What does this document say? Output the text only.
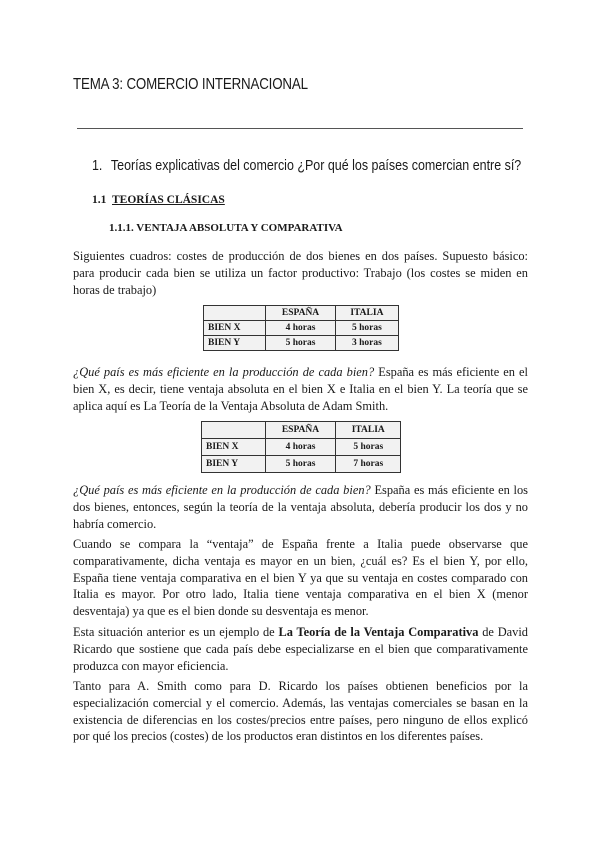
TEMA 3: COMERCIO INTERNACIONAL
1. Teorías explicativas del comercio ¿Por qué los países comercian entre sí?
1.1 TEORÍAS CLÁSICAS
1.1.1. VENTAJA ABSOLUTA Y COMPARATIVA
Siguientes cuadros: costes de producción de dos bienes en dos países. Supuesto básico: para producir cada bien se utiliza un factor productivo: Trabajo (los costes se miden en horas de trabajo)
	ESPAÑA	ITALIA
BIEN X	4 horas	5 horas
BIEN Y	5 horas	3 horas
¿Qué país es más eficiente en la producción de cada bien? España es más eficiente en el bien X, es decir, tiene ventaja absoluta en el bien X e Italia en el bien Y. La teoría que se aplica aquí es La Teoría de la Ventaja Absoluta de Adam Smith.
	ESPAÑA	ITALIA
BIEN X	4 horas	5 horas
BIEN Y	5 horas	7 horas
¿Qué país es más eficiente en la producción de cada bien? España es más eficiente en los dos bienes, entonces, según la teoría de la ventaja absoluta, debería producir los dos y no habría comercio.
Cuando se compara la “ventaja” de España frente a Italia puede observarse que comparativamente, dicha ventaja es mayor en un bien, ¿cuál es? Es el bien Y, por ello, España tiene ventaja comparativa en el bien Y ya que su ventaja en costes comparado con Italia es mayor. Por otro lado, Italia tiene ventaja comparativa en el bien X (menor desventaja) ya que es el bien donde su desventaja es menor.
Esta situación anterior es un ejemplo de La Teoría de la Ventaja Comparativa de David Ricardo que sostiene que cada país debe especializarse en el bien que comparativamente produzca con mayor eficiencia.
Tanto para A. Smith como para D. Ricardo los países obtienen beneficios por la especialización comercial y el comercio. Además, las ventajas comerciales se basan en la existencia de diferencias en los costes/precios entre países, pero ninguno de ellos explicó por qué los precios (costes) de los productos eran distintos en los diferentes países.
